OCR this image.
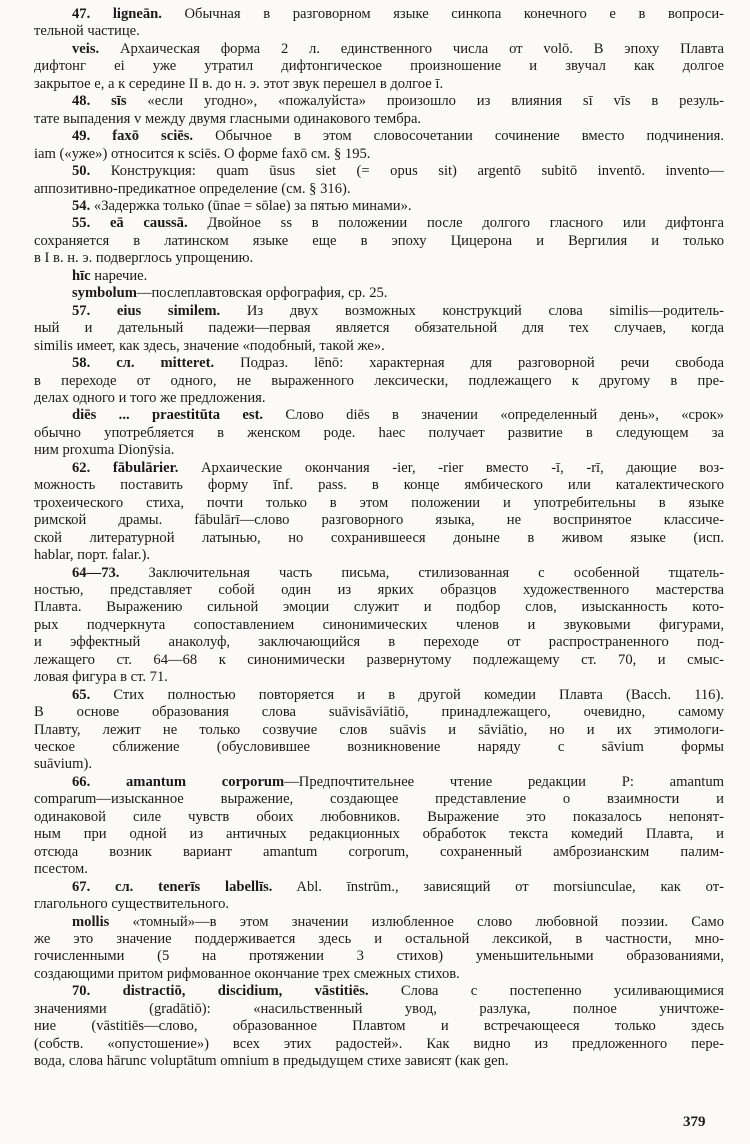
47. ligneān. Обычная в разговорном языке синкопа конечного е в вопроси-
тельной частице.
veis. Архаическая форма 2 л. единственного числа от volō. В эпоху Плавта
дифтонг ei уже утратил дифтонгическое произношение и звучал как долгое
закрытое е, а к середине II в. до н. э. этот звук перешел в долгое ī.
48. sīs «если угодно», «пожалуйста» произошло из влияния sī vīs в резуль-
тате выпадения v между двумя гласными одинакового тембра.
49. faxō sciēs. Обычное в этом словосочетании сочинение вместо подчинения.
iam («уже») относится к sciēs. О форме faxō см. § 195.
50. Конструкция: quam ūsus siet (= opus sit) argentō subitō inventō. invento—
аппозитивно-предикатное определение (см. § 316).
54. «Задержка только (ūnae = sōlae) за пятью минами».
55. eā caussā. Двойное ss в положении после долгого гласного или дифтонга
сохраняется в латинском языке еще в эпоху Цицерона и Вергилия и только
в I в. н. э. подверглось упрощению.
hīc наречие.
symbolum—послеплавтовская орфография, ср. 25.
57. eius similem. Из двух возможных конструкций слова similis—родитель-
ный и дательный падежи—первая является обязательной для тех случаев, когда
similis имеет, как здесь, значение «подобный, такой же».
58. сл. mitteret. Подраз. lēnō: характерная для разговорной речи свобода
в переходе от одного, не выраженного лексически, подлежащего к другому в пре-
делах одного и того же предложения.
diēs ... praestitūta est. Слово diēs в значении «определенный день», «срок»
обычно употребляется в женском роде. haec получает развитие в следующем за
ним proxuma Dionȳsia.
62. fābulārier. Архаические окончания -ier, -rier вместо -ī, -rī, дающие воз-
можность поставить форму īnf. pass. в конце ямбического или каталектического
трохеического стиха, почти только в этом положении и употребительны в языке
римской драмы. fābulārī—слово разговорного языка, не воспринятое классиче-
ской литературной латынью, но сохранившееся доныне в живом языке (исп.
hablar, порт. falar.).
64—73. Заключительная часть письма, стилизованная с особенной тщатель-
ностью, представляет собой один из ярких образцов художественного мастерства
Плавта. Выражению сильной эмоции служит и подбор слов, изысканность кото-
рых подчеркнута сопоставлением синонимических членов и звуковыми фигурами,
и эффектный анаколуф, заключающийся в переходе от распространенного под-
лежащего ст. 64—68 к синонимически развернутому подлежащему ст. 70, и смыс-
ловая фигура в ст. 71.
65. Стих полностью повторяется и в другой комедии Плавта (Bacch. 116).
В основе образования слова suāvisāviātiō, принадлежащего, очевидно, самому
Плавту, лежит не только созвучие слов suāvis и sāviātio, но и их этимологи-
ческое сближение (обусловившее возникновение наряду с sāvium формы
suāvium).
66. amantum corporum—Предпочтительнее чтение редакции P: amantum
comparum—изысканное выражение, создающее представление о взаимности и
одинаковой силе чувств обоих любовников. Выражение это показалось непонят-
ным при одной из античных редакционных обработок текста комедий Плавта, и
отсюда возник вариант amantum corporum, сохраненный амброзианским палим-
псестом.
67. сл. tenerīs labellīs. Abl. īnstrūm., зависящий от morsiunculae, как от-
глагольного существительного.
mollis «томный»—в этом значении излюбленное слово любовной поэзии. Само
же это значение поддерживается здесь и остальной лексикой, в частности, мно-
гочисленными (5 на протяжении 3 стихов) уменьшительными образованиями,
создающими притом рифмованное окончание трех смежных стихов.
70. distractiō, discidium, vāstitiēs. Слова с постепенно усиливающимися
значениями (gradātiō): «насильственный увод, разлука, полное уничтоже-
ние (vāstitiēs—слово, образованное Плавтом и встречающееся только здесь
(собств. «опустошение») всех этих радостей». Как видно из предложенного пере-
вода, слова hārunc voluptātum omnium в предыдущем стихе зависят (как gen.
379
